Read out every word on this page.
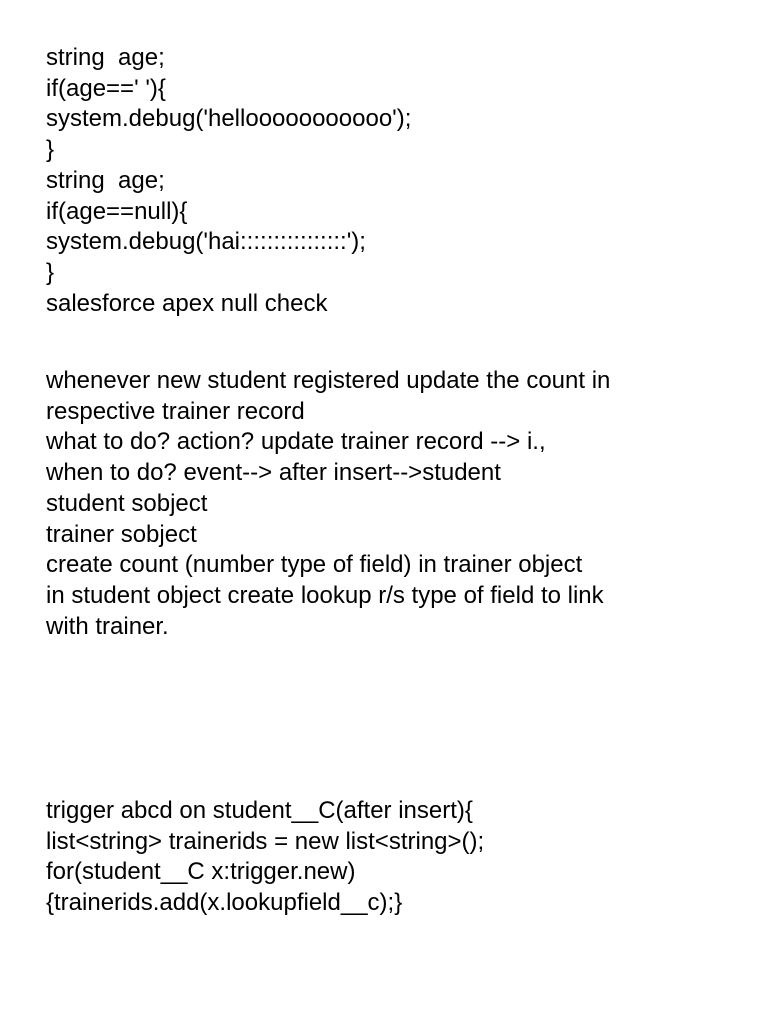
string  age;
if(age==' '){
system.debug('hellooooooooooo');
}
string  age;
if(age==null){
system.debug('hai::::::::::::::::');
}
salesforce apex null check
whenever new student registered update the count in
respective trainer record
what to do? action? update trainer record --> i.,
when to do? event--> after insert-->student
student sobject
trainer sobject
create count (number type of field) in trainer object
in student object create lookup r/s type of field to link
with trainer.
trigger abcd on student__C(after insert){
list<string> trainerids = new list<string>();
for(student__C x:trigger.new)
{trainerids.add(x.lookupfield__c);}
